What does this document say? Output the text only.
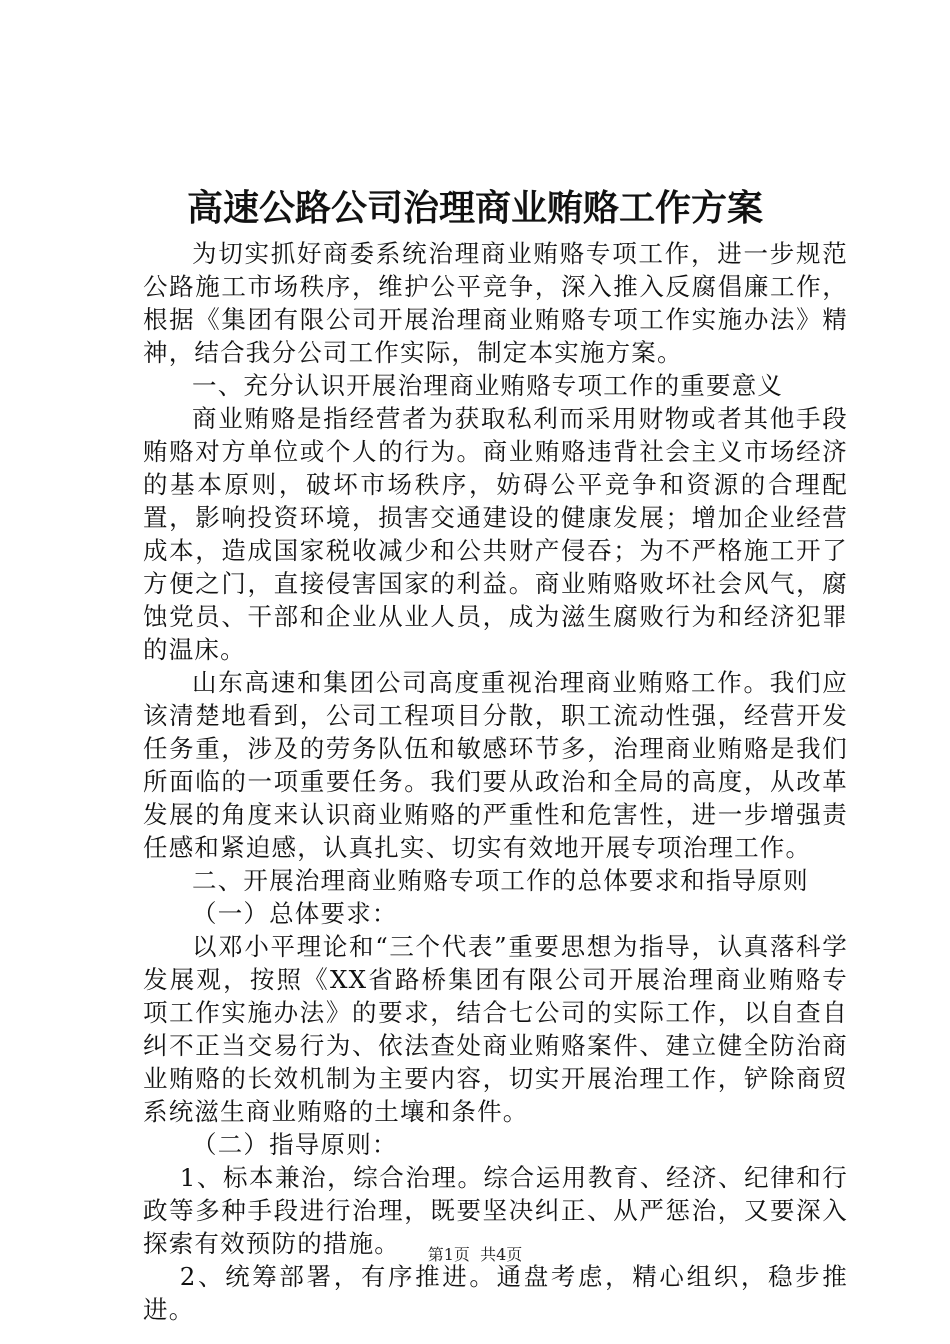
高速公路公司治理商业贿赂工作方案

为切实抓好商委系统治理商业贿赂专项工作，进一步规范公路施工市场秩序，维护公平竞争，深入推入反腐倡廉工作，根据《集团有限公司开展治理商业贿赂专项工作实施办法》精神，结合我分公司工作实际，制定本实施方案。

一、充分认识开展治理商业贿赂专项工作的重要意义

商业贿赂是指经营者为获取私利而采用财物或者其他手段贿赂对方单位或个人的行为。商业贿赂违背社会主义市场经济的基本原则，破坏市场秩序，妨碍公平竞争和资源的合理配置，影响投资环境，损害交通建设的健康发展；增加企业经营成本，造成国家税收减少和公共财产侵吞；为不严格施工开了方便之门，直接侵害国家的利益。商业贿赂败坏社会风气，腐蚀党员、干部和企业从业人员，成为滋生腐败行为和经济犯罪的温床。

山东高速和集团公司高度重视治理商业贿赂工作。我们应该清楚地看到，公司工程项目分散，职工流动性强，经营开发任务重，涉及的劳务队伍和敏感环节多，治理商业贿赂是我们所面临的一项重要任务。我们要从政治和全局的高度，从改革发展的角度来认识商业贿赂的严重性和危害性，进一步增强责任感和紧迫感，认真扎实、切实有效地开展专项治理工作。

二、开展治理商业贿赂专项工作的总体要求和指导原则

（一）总体要求：

以邓小平理论和“三个代表”重要思想为指导，认真落科学发展观，按照《XX省路桥集团有限公司开展治理商业贿赂专项工作实施办法》的要求，结合七公司的实际工作，以自查自纠不正当交易行为、依法查处商业贿赂案件、建立健全防治商业贿赂的长效机制为主要内容，切实开展治理工作，铲除商贸系统滋生商业贿赂的土壤和条件。

（二）指导原则：

1、标本兼治，综合治理。综合运用教育、经济、纪律和行政等多种手段进行治理，既要坚决纠正、从严惩治，又要深入探索有效预防的措施。

2、统筹部署，有序推进。通盘考虑，精心组织，稳步推进。

第1页  共4页
